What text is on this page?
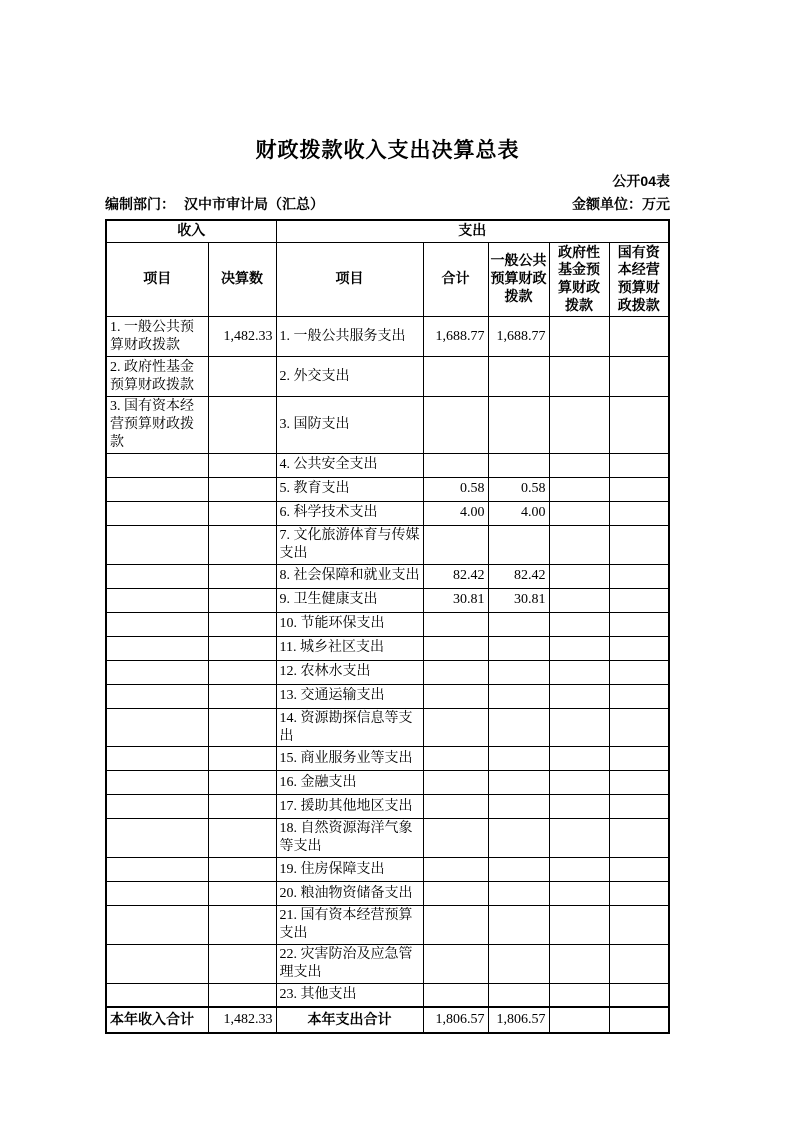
财政拨款收入支出决算总表
公开04表
编制部门： 汉中市审计局（汇总）	金额单位：万元
收入		支出				
项目	决算数	项目	合计	一般公共预算财政拨款	政府性基金预算财政拨款	国有资本经营预算财政拨款
1. 一般公共预算财政拨款	1,482.33	1. 一般公共服务支出	1,688.77	1,688.77		
2. 政府性基金预算财政拨款		2. 外交支出				
3. 国有资本经营预算财政拨款		3. 国防支出				
		4. 公共安全支出				
		5. 教育支出	0.58	0.58		
		6. 科学技术支出	4.00	4.00		
		7. 文化旅游体育与传媒支出				
		8. 社会保障和就业支出	82.42	82.42		
		9. 卫生健康支出	30.81	30.81		
		10. 节能环保支出				
		11. 城乡社区支出				
		12. 农林水支出				
		13. 交通运输支出				
		14. 资源勘探信息等支出				
		15. 商业服务业等支出				
		16. 金融支出				
		17. 援助其他地区支出				
		18. 自然资源海洋气象等支出				
		19. 住房保障支出				
		20. 粮油物资储备支出				
		21. 国有资本经营预算支出				
		22. 灾害防治及应急管理支出				
		23. 其他支出				
本年收入合计	1,482.33	本年支出合计	1,806.57	1,806.57		
